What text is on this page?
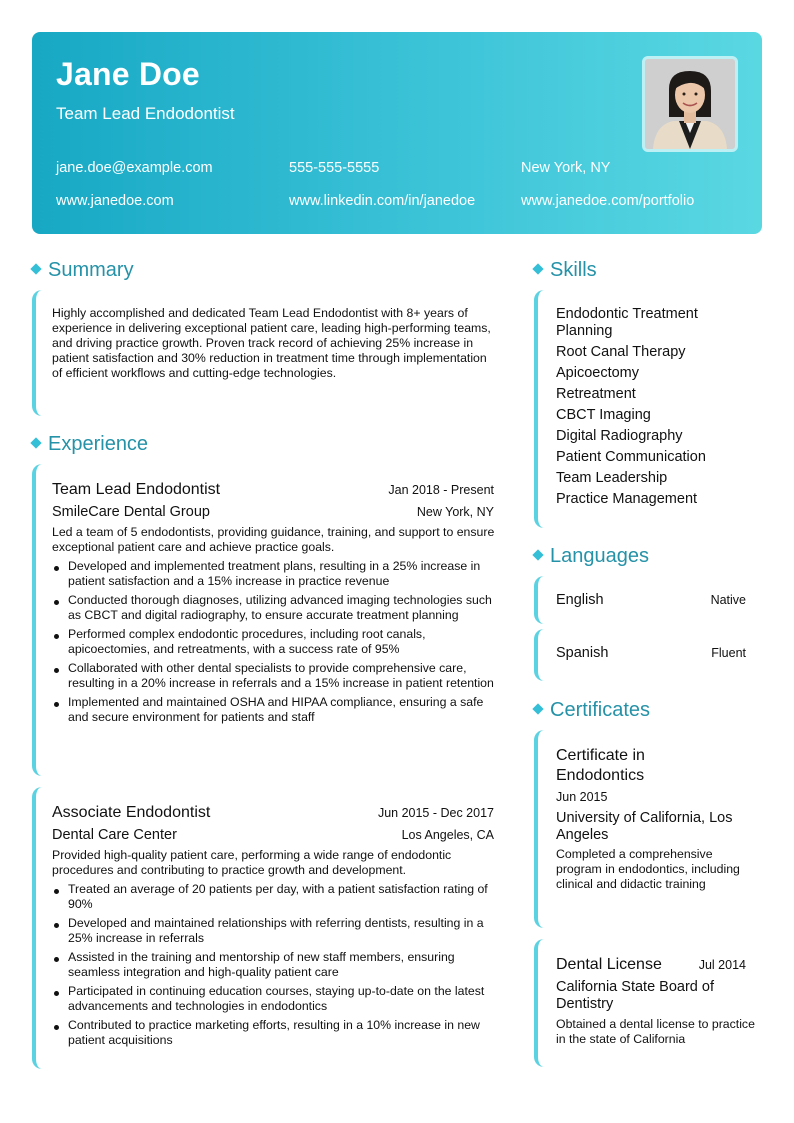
Jane Doe
Team Lead Endodontist
jane.doe@example.com	555-555-5555	New York, NY
www.janedoe.com	www.linkedin.com/in/janedoe	www.janedoe.com/portfolio
Summary
Highly accomplished and dedicated Team Lead Endodontist with 8+ years of experience in delivering exceptional patient care, leading high-performing teams, and driving practice growth. Proven track record of achieving 25% increase in patient satisfaction and 30% reduction in treatment time through implementation of efficient workflows and cutting-edge technologies.
Experience
Team Lead Endodontist	Jan 2018 - Present
SmileCare Dental Group	New York, NY
Led a team of 5 endodontists, providing guidance, training, and support to ensure exceptional patient care and achieve practice goals.
Developed and implemented treatment plans, resulting in a 25% increase in patient satisfaction and a 15% increase in practice revenue
Conducted thorough diagnoses, utilizing advanced imaging technologies such as CBCT and digital radiography, to ensure accurate treatment planning
Performed complex endodontic procedures, including root canals, apicoectomies, and retreatments, with a success rate of 95%
Collaborated with other dental specialists to provide comprehensive care, resulting in a 20% increase in referrals and a 15% increase in patient retention
Implemented and maintained OSHA and HIPAA compliance, ensuring a safe and secure environment for patients and staff
Associate Endodontist	Jun 2015 - Dec 2017
Dental Care Center	Los Angeles, CA
Provided high-quality patient care, performing a wide range of endodontic procedures and contributing to practice growth and development.
Treated an average of 20 patients per day, with a patient satisfaction rating of 90%
Developed and maintained relationships with referring dentists, resulting in a 25% increase in referrals
Assisted in the training and mentorship of new staff members, ensuring seamless integration and high-quality patient care
Participated in continuing education courses, staying up-to-date on the latest advancements and technologies in endodontics
Contributed to practice marketing efforts, resulting in a 10% increase in new patient acquisitions
Skills
Endodontic Treatment Planning
Root Canal Therapy
Apicoectomy
Retreatment
CBCT Imaging
Digital Radiography
Patient Communication
Team Leadership
Practice Management
Languages
English	Native
Spanish	Fluent
Certificates
Certificate in Endodontics
Jun 2015
University of California, Los Angeles
Completed a comprehensive program in endodontics, including clinical and didactic training
Dental License	Jul 2014
California State Board of Dentistry
Obtained a dental license to practice in the state of California
